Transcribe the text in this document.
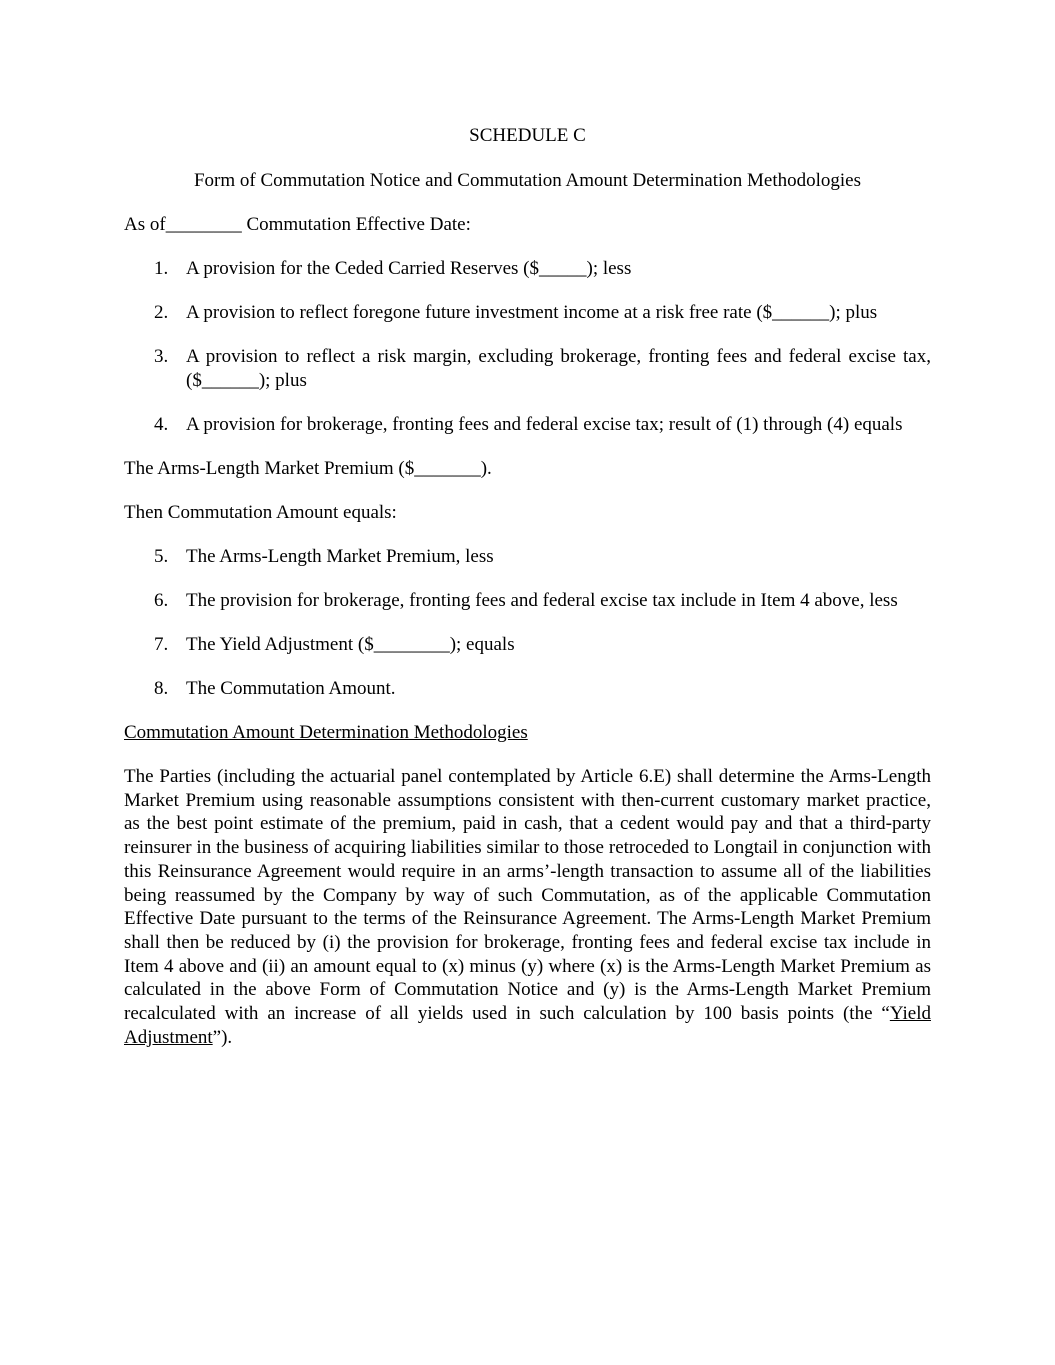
SCHEDULE C

Form of Commutation Notice and Commutation Amount Determination Methodologies

As of________ Commutation Effective Date:

1. A provision for the Ceded Carried Reserves ($_____); less
2. A provision to reflect foregone future investment income at a risk free rate ($______); plus
3. A provision to reflect a risk margin, excluding brokerage, fronting fees and federal excise tax, ($______); plus
4. A provision for brokerage, fronting fees and federal excise tax; result of (1) through (4) equals

The Arms-Length Market Premium ($_______).

Then Commutation Amount equals:

5. The Arms-Length Market Premium, less
6. The provision for brokerage, fronting fees and federal excise tax include in Item 4 above, less
7. The Yield Adjustment ($________); equals
8. The Commutation Amount.

Commutation Amount Determination Methodologies

The Parties (including the actuarial panel contemplated by Article 6.E) shall determine the Arms-Length Market Premium using reasonable assumptions consistent with then-current customary market practice, as the best point estimate of the premium, paid in cash, that a cedent would pay and that a third-party reinsurer in the business of acquiring liabilities similar to those retroceded to Longtail in conjunction with this Reinsurance Agreement would require in an arms’-length transaction to assume all of the liabilities being reassumed by the Company by way of such Commutation, as of the applicable Commutation Effective Date pursuant to the terms of the Reinsurance Agreement. The Arms-Length Market Premium shall then be reduced by (i) the provision for brokerage, fronting fees and federal excise tax include in Item 4 above and (ii) an amount equal to (x) minus (y) where (x) is the Arms-Length Market Premium as calculated in the above Form of Commutation Notice and (y) is the Arms-Length Market Premium recalculated with an increase of all yields used in such calculation by 100 basis points (the “Yield Adjustment”).
